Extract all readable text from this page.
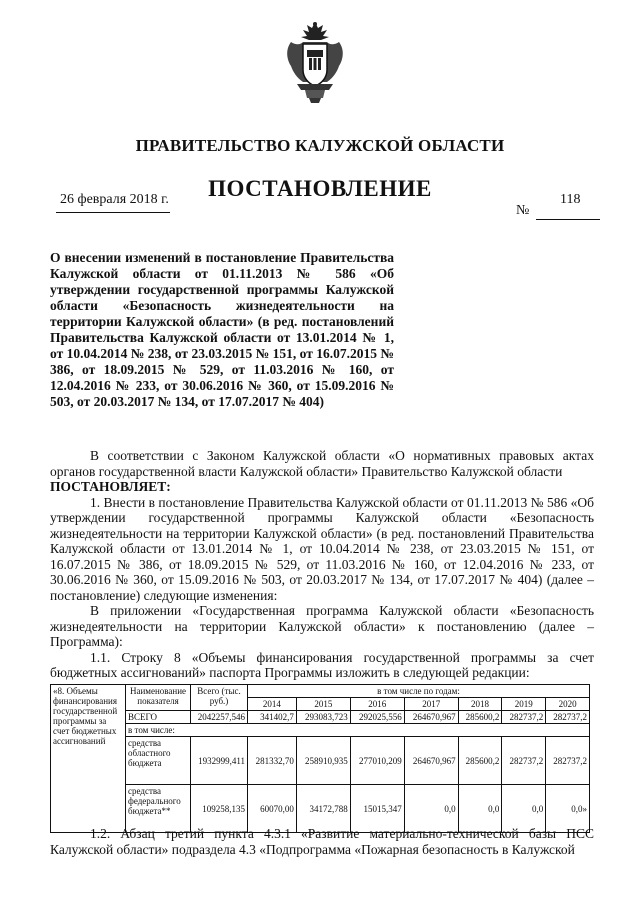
ПРАВИТЕЛЬСТВО КАЛУЖСКОЙ ОБЛАСТИ
ПОСТАНОВЛЕНИЕ
26 февраля 2018 г.	118
№
О внесении изменений в постановление Правительства Калужской области от 01.11.2013 № 586 «Об утверждении государственной программы Калужской области «Безопасность жизнедеятельности на территории Калужской области» (в ред. постановлений Правительства Калужской области от 13.01.2014 № 1, от 10.04.2014 № 238, от 23.03.2015 № 151, от 16.07.2015 № 386, от 18.09.2015 № 529, от 11.03.2016 № 160, от 12.04.2016 № 233, от 30.06.2016 № 360, от 15.09.2016 № 503, от 20.03.2017 № 134, от 17.07.2017 № 404)

В соответствии с Законом Калужской области «О нормативных правовых актах органов государственной власти Калужской области» Правительство Калужской области

ПОСТАНОВЛЯЕТ:

1. Внести в постановление Правительства Калужской области от 01.11.2013 № 586 «Об утверждении государственной программы Калужской области «Безопасность жизнедеятельности на территории Калужской области» (в ред. постановлений Правительства Калужской области от 13.01.2014 № 1, от 10.04.2014 № 238, от 23.03.2015 № 151, от 16.07.2015 № 386, от 18.09.2015 № 529, от 11.03.2016 № 160, от 12.04.2016 № 233, от 30.06.2016 № 360, от 15.09.2016 № 503, от 20.03.2017 № 134, от 17.07.2017 № 404) (далее – постановление) следующие изменения:

В приложении «Государственная программа Калужской области «Безопасность жизнедеятельности на территории Калужской области» к постановлению (далее – Программа):

1.1. Строку 8 «Объемы финансирования государственной программы за счет бюджетных ассигнований» паспорта Программы изложить в следующей редакции:

«8. Объемы финансирования государственной программы за счет бюджетных ассигнований	Наименование показателя	Всего (тыс. руб.)	в том числе по годам:						
			2014	2015	2016	2017	2018	2019	2020
	ВСЕГО	2042257,546	341402,7	293083,723	292025,556	264670,967	285600,2	282737,2	282737,2
	в том числе:								
	средства областного бюджета	1932999,411	281332,70	258910,935	277010,209	264670,967	285600,2	282737,2	282737,2
	средства федерального бюджета**	109258,135	60070,00	34172,788	15015,347	0,0	0,0	0,0	0,0»

1.2. Абзац третий пункта 4.3.1 «Развитие материально-технической базы ПСС Калужской области» подраздела 4.3 «Подпрограмма «Пожарная безопасность в Калужской
